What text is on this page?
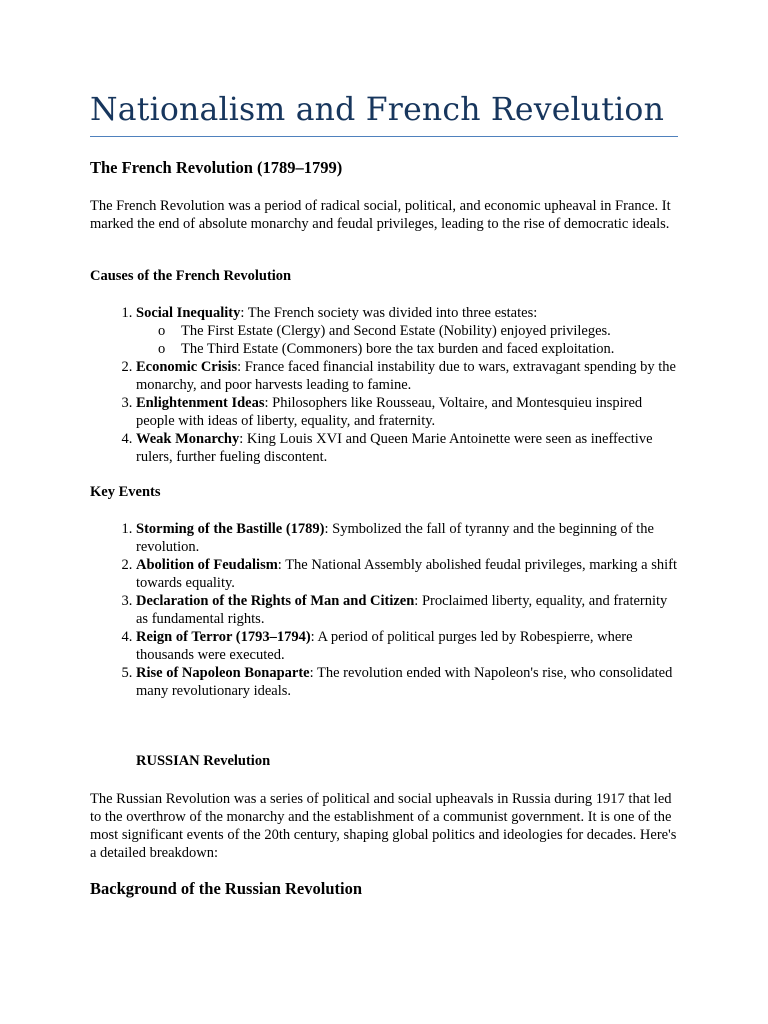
Nationalism and French Revelution
The French Revolution (1789–1799)
The French Revolution was a period of radical social, political, and economic upheaval in France. It marked the end of absolute monarchy and feudal privileges, leading to the rise of democratic ideals.
Causes of the French Revolution
1. Social Inequality: The French society was divided into three estates:
o The First Estate (Clergy) and Second Estate (Nobility) enjoyed privileges.
o The Third Estate (Commoners) bore the tax burden and faced exploitation.
2. Economic Crisis: France faced financial instability due to wars, extravagant spending by the monarchy, and poor harvests leading to famine.
3. Enlightenment Ideas: Philosophers like Rousseau, Voltaire, and Montesquieu inspired people with ideas of liberty, equality, and fraternity.
4. Weak Monarchy: King Louis XVI and Queen Marie Antoinette were seen as ineffective rulers, further fueling discontent.
Key Events
1. Storming of the Bastille (1789): Symbolized the fall of tyranny and the beginning of the revolution.
2. Abolition of Feudalism: The National Assembly abolished feudal privileges, marking a shift towards equality.
3. Declaration of the Rights of Man and Citizen: Proclaimed liberty, equality, and fraternity as fundamental rights.
4. Reign of Terror (1793–1794): A period of political purges led by Robespierre, where thousands were executed.
5. Rise of Napoleon Bonaparte: The revolution ended with Napoleon's rise, who consolidated many revolutionary ideals.
RUSSIAN Revelution
The Russian Revolution was a series of political and social upheavals in Russia during 1917 that led to the overthrow of the monarchy and the establishment of a communist government. It is one of the most significant events of the 20th century, shaping global politics and ideologies for decades. Here's a detailed breakdown:
Background of the Russian Revolution
